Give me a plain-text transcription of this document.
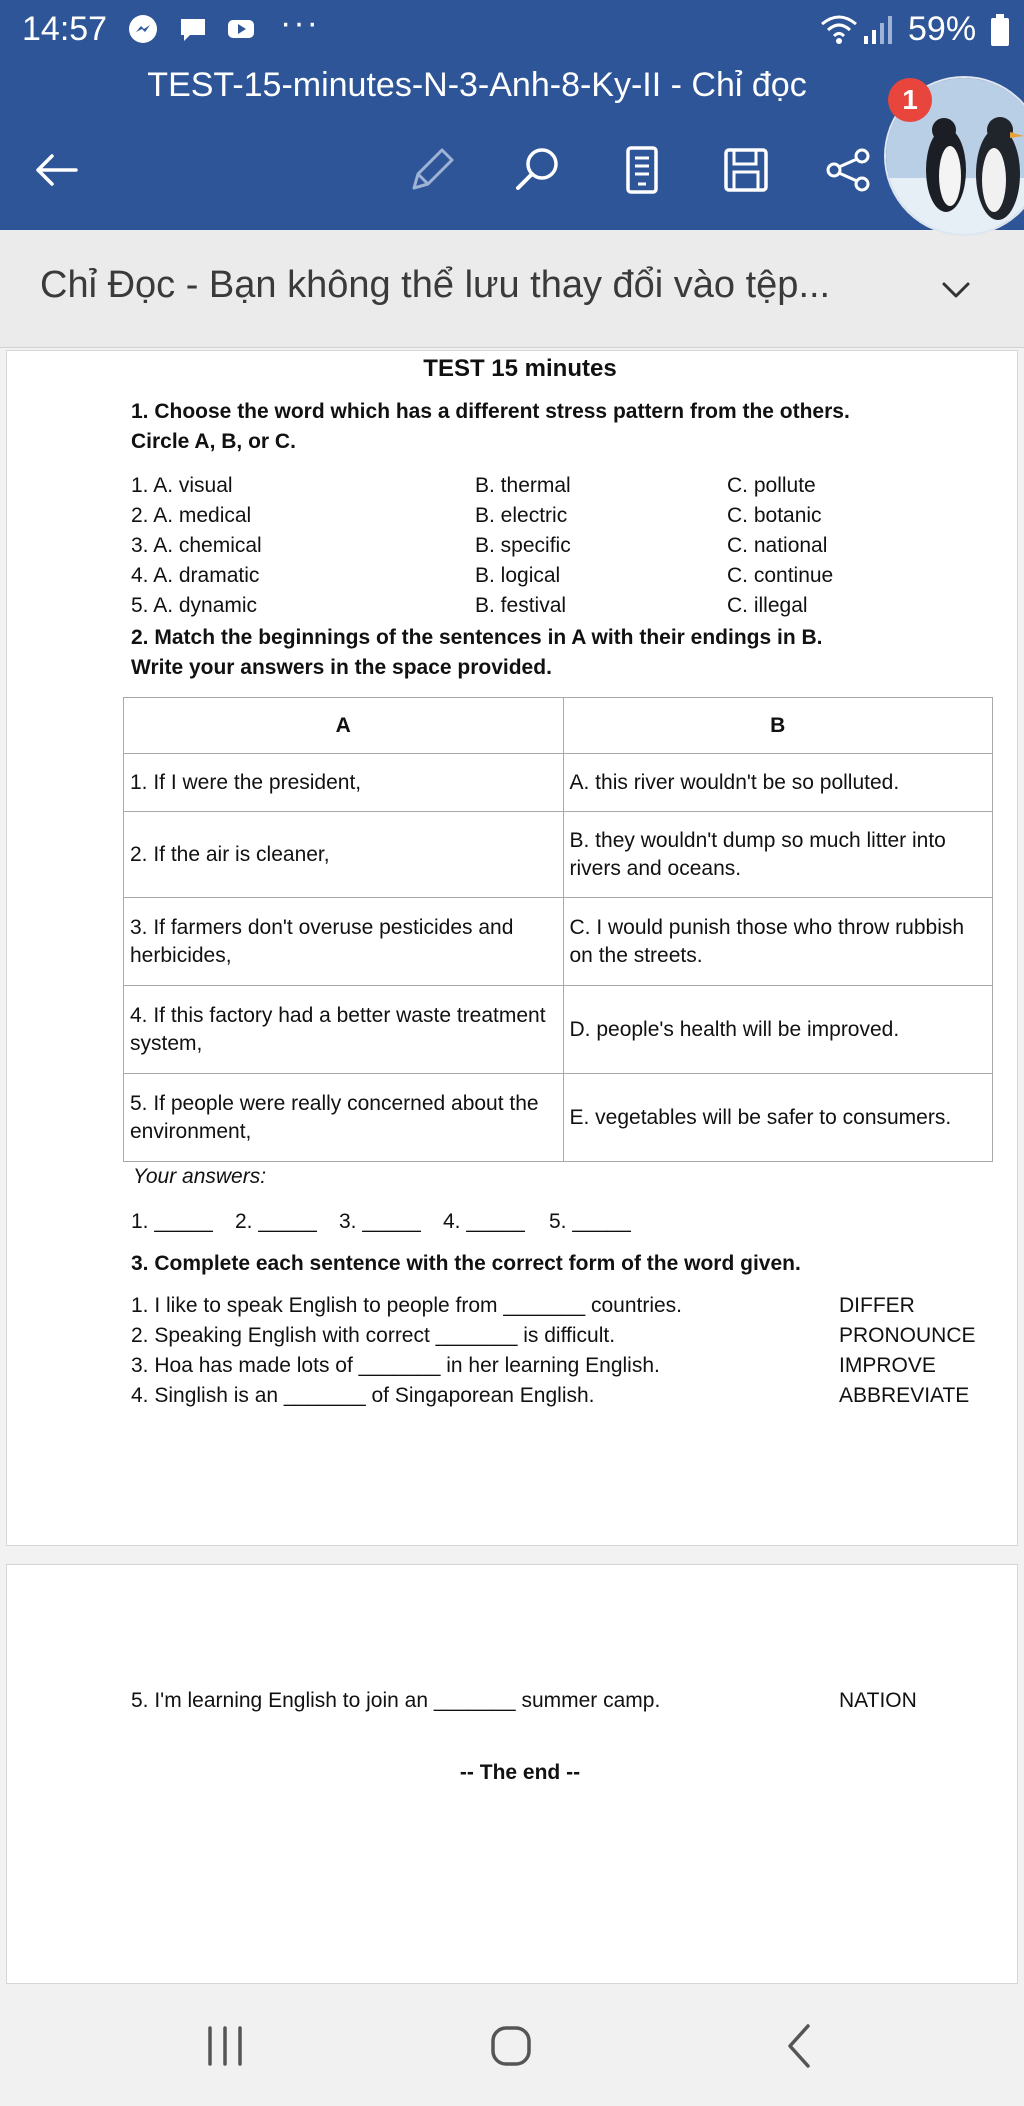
14:57	···	59%
TEST-15-minutes-N-3-Anh-8-Ky-II - Chỉ đọc	1
Chỉ Đọc - Bạn không thể lưu thay đổi vào tệp...
TEST 15 minutes
1. Choose the word which has a different stress pattern from the others.
Circle A, B, or C.
1. A. visual	B. thermal	C. pollute
2. A. medical	B. electric	C. botanic
3. A. chemical	B. specific	C. national
4. A. dramatic	B. logical	C. continue
5. A. dynamic	B. festival	C. illegal
2. Match the beginnings of the sentences in A with their endings in B.
Write your answers in the space provided.
A	B
1. If I were the president,	A. this river wouldn't be so polluted.
2. If the air is cleaner,	B. they wouldn't dump so much litter into rivers and oceans.
3. If farmers don't overuse pesticides and herbicides,	C. I would punish those who throw rubbish on the streets.
4. If this factory had a better waste treatment system,	D. people's health will be improved.
5. If people were really concerned about the environment,	E. vegetables will be safer to consumers.
Your answers:
1. _____ 2. _____ 3. _____ 4. _____ 5. _____
3. Complete each sentence with the correct form of the word given.
1. I like to speak English to people from _______ countries.	DIFFER
2. Speaking English with correct _______ is difficult.	PRONOUNCE
3. Hoa has made lots of _______ in her learning English.	IMPROVE
4. Singlish is an _______ of Singaporean English.	ABBREVIATE
5. I'm learning English to join an _______ summer camp.	NATION
-- The end --
